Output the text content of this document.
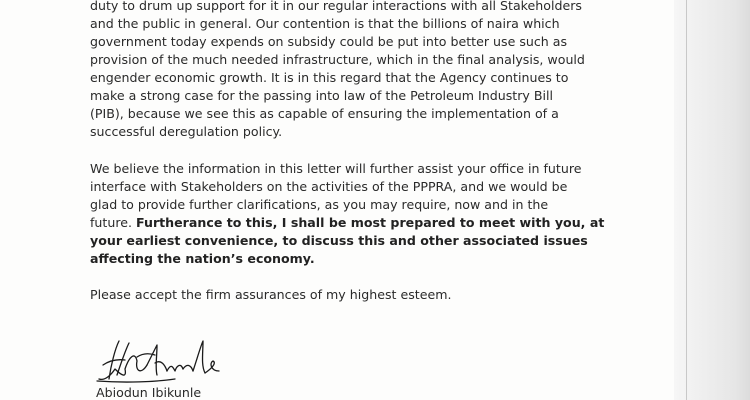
duty to drum up support for it in our regular interactions with all Stakeholders
and the public in general. Our contention is that the billions of naira which
government today expends on subsidy could be put into better use such as
provision of the much needed infrastructure, which in the final analysis, would
engender economic growth. It is in this regard that the Agency continues to
make a strong case for the passing into law of the Petroleum Industry Bill
(PIB), because we see this as capable of ensuring the implementation of a
successful deregulation policy.
We believe the information in this letter will further assist your office in future
interface with Stakeholders on the activities of the PPPRA, and we would be
glad to provide further clarifications, as you may require, now and in the
future. Furtherance to this, I shall be most prepared to meet with you, at
your earliest convenience, to discuss this and other associated issues
affecting the nation’s economy.
Please accept the firm assurances of my highest esteem.
Abiodun Ibikunle
